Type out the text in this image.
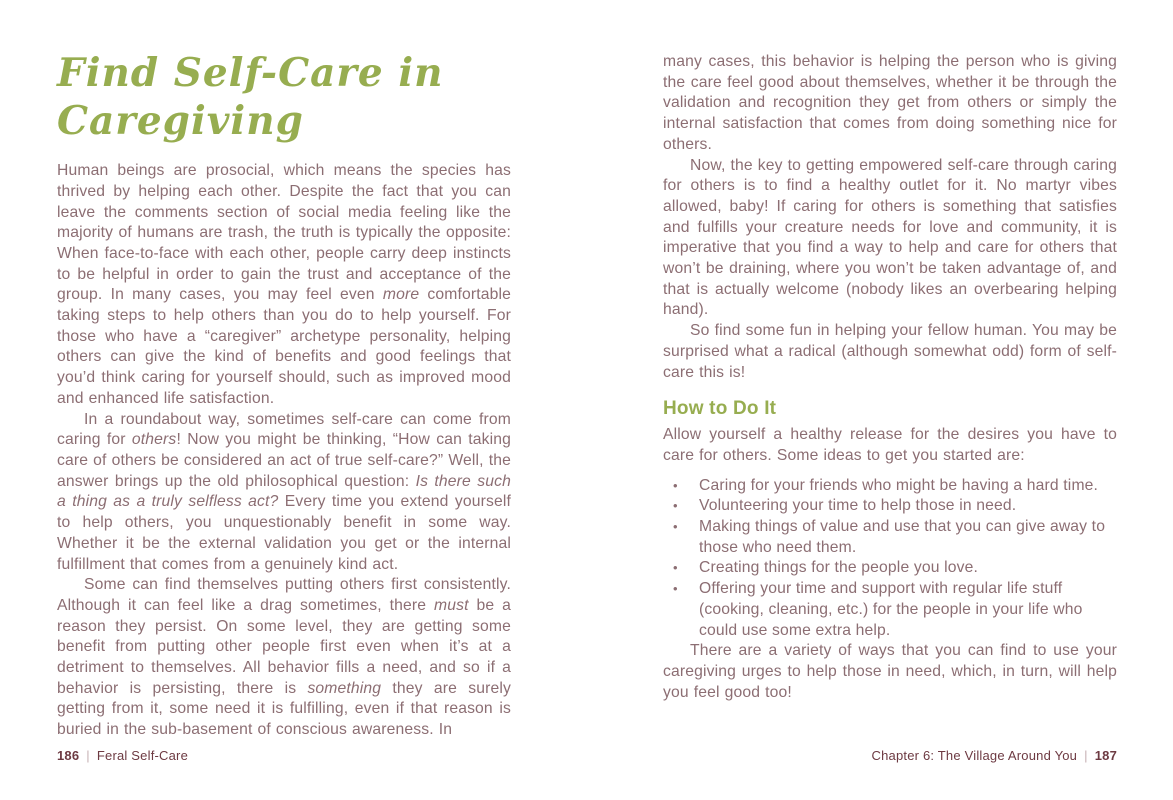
Find Self-Care in
Caregiving

Human beings are prosocial, which means the species has thrived by helping each other. Despite the fact that you can leave the comments section of social media feeling like the majority of humans are trash, the truth is typically the opposite: When face-to-face with each other, people carry deep instincts to be helpful in order to gain the trust and acceptance of the group. In many cases, you may feel even more comfortable taking steps to help others than you do to help yourself. For those who have a “caregiver” archetype personality, helping others can give the kind of benefits and good feelings that you’d think caring for yourself should, such as improved mood and enhanced life satisfaction.

In a roundabout way, sometimes self-care can come from caring for others! Now you might be thinking, “How can taking care of others be considered an act of true self-care?” Well, the answer brings up the old philosophical question: Is there such a thing as a truly selfless act? Every time you extend yourself to help others, you unquestionably benefit in some way. Whether it be the external validation you get or the internal fulfillment that comes from a genuinely kind act.

Some can find themselves putting others first consistently. Although it can feel like a drag sometimes, there must be a reason they persist. On some level, they are getting some benefit from putting other people first even when it’s at a detriment to themselves. All behavior fills a need, and so if a behavior is persisting, there is something they are surely getting from it, some need it is fulfilling, even if that reason is buried in the sub-basement of conscious awareness. In

many cases, this behavior is helping the person who is giving the care feel good about themselves, whether it be through the validation and recognition they get from others or simply the internal satisfaction that comes from doing something nice for others.

Now, the key to getting empowered self-care through caring for others is to find a healthy outlet for it. No martyr vibes allowed, baby! If caring for others is something that satisfies and fulfills your creature needs for love and community, it is imperative that you find a way to help and care for others that won’t be draining, where you won’t be taken advantage of, and that is actually welcome (nobody likes an overbearing helping hand).

So find some fun in helping your fellow human. You may be surprised what a radical (although somewhat odd) form of self-care this is!

How to Do It

Allow yourself a healthy release for the desires you have to care for others. Some ideas to get you started are:

•	Caring for your friends who might be having a hard time.
•	Volunteering your time to help those in need.
•	Making things of value and use that you can give away to those who need them.
•	Creating things for the people you love.
•	Offering your time and support with regular life stuff (cooking, cleaning, etc.) for the people in your life who could use some extra help.

There are a variety of ways that you can find to use your caregiving urges to help those in need, which, in turn, will help you feel good too!

186 | Feral Self-Care	Chapter 6: The Village Around You | 187
